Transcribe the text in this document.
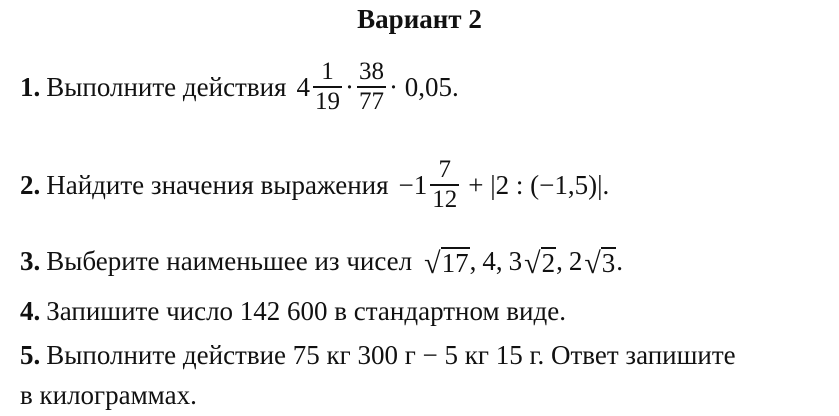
Вариант 2
1. Выполните действия $4 \frac{1}{19} \cdot \frac{38}{77} \cdot 0,05$.
2. Найдите значения выражения $-1 \frac{7}{12} + |2$ : (−1,5)|.
3. Выберите наименьшее из чисел √ 17 , 4, 3 √ 2 , 2 √ 3 .
4. Запишите число 142 600 в стандартном виде.
5. Выполните действие 75 кг 300 г − 5 кг 15 г. Ответ запишите
в килограммах.
